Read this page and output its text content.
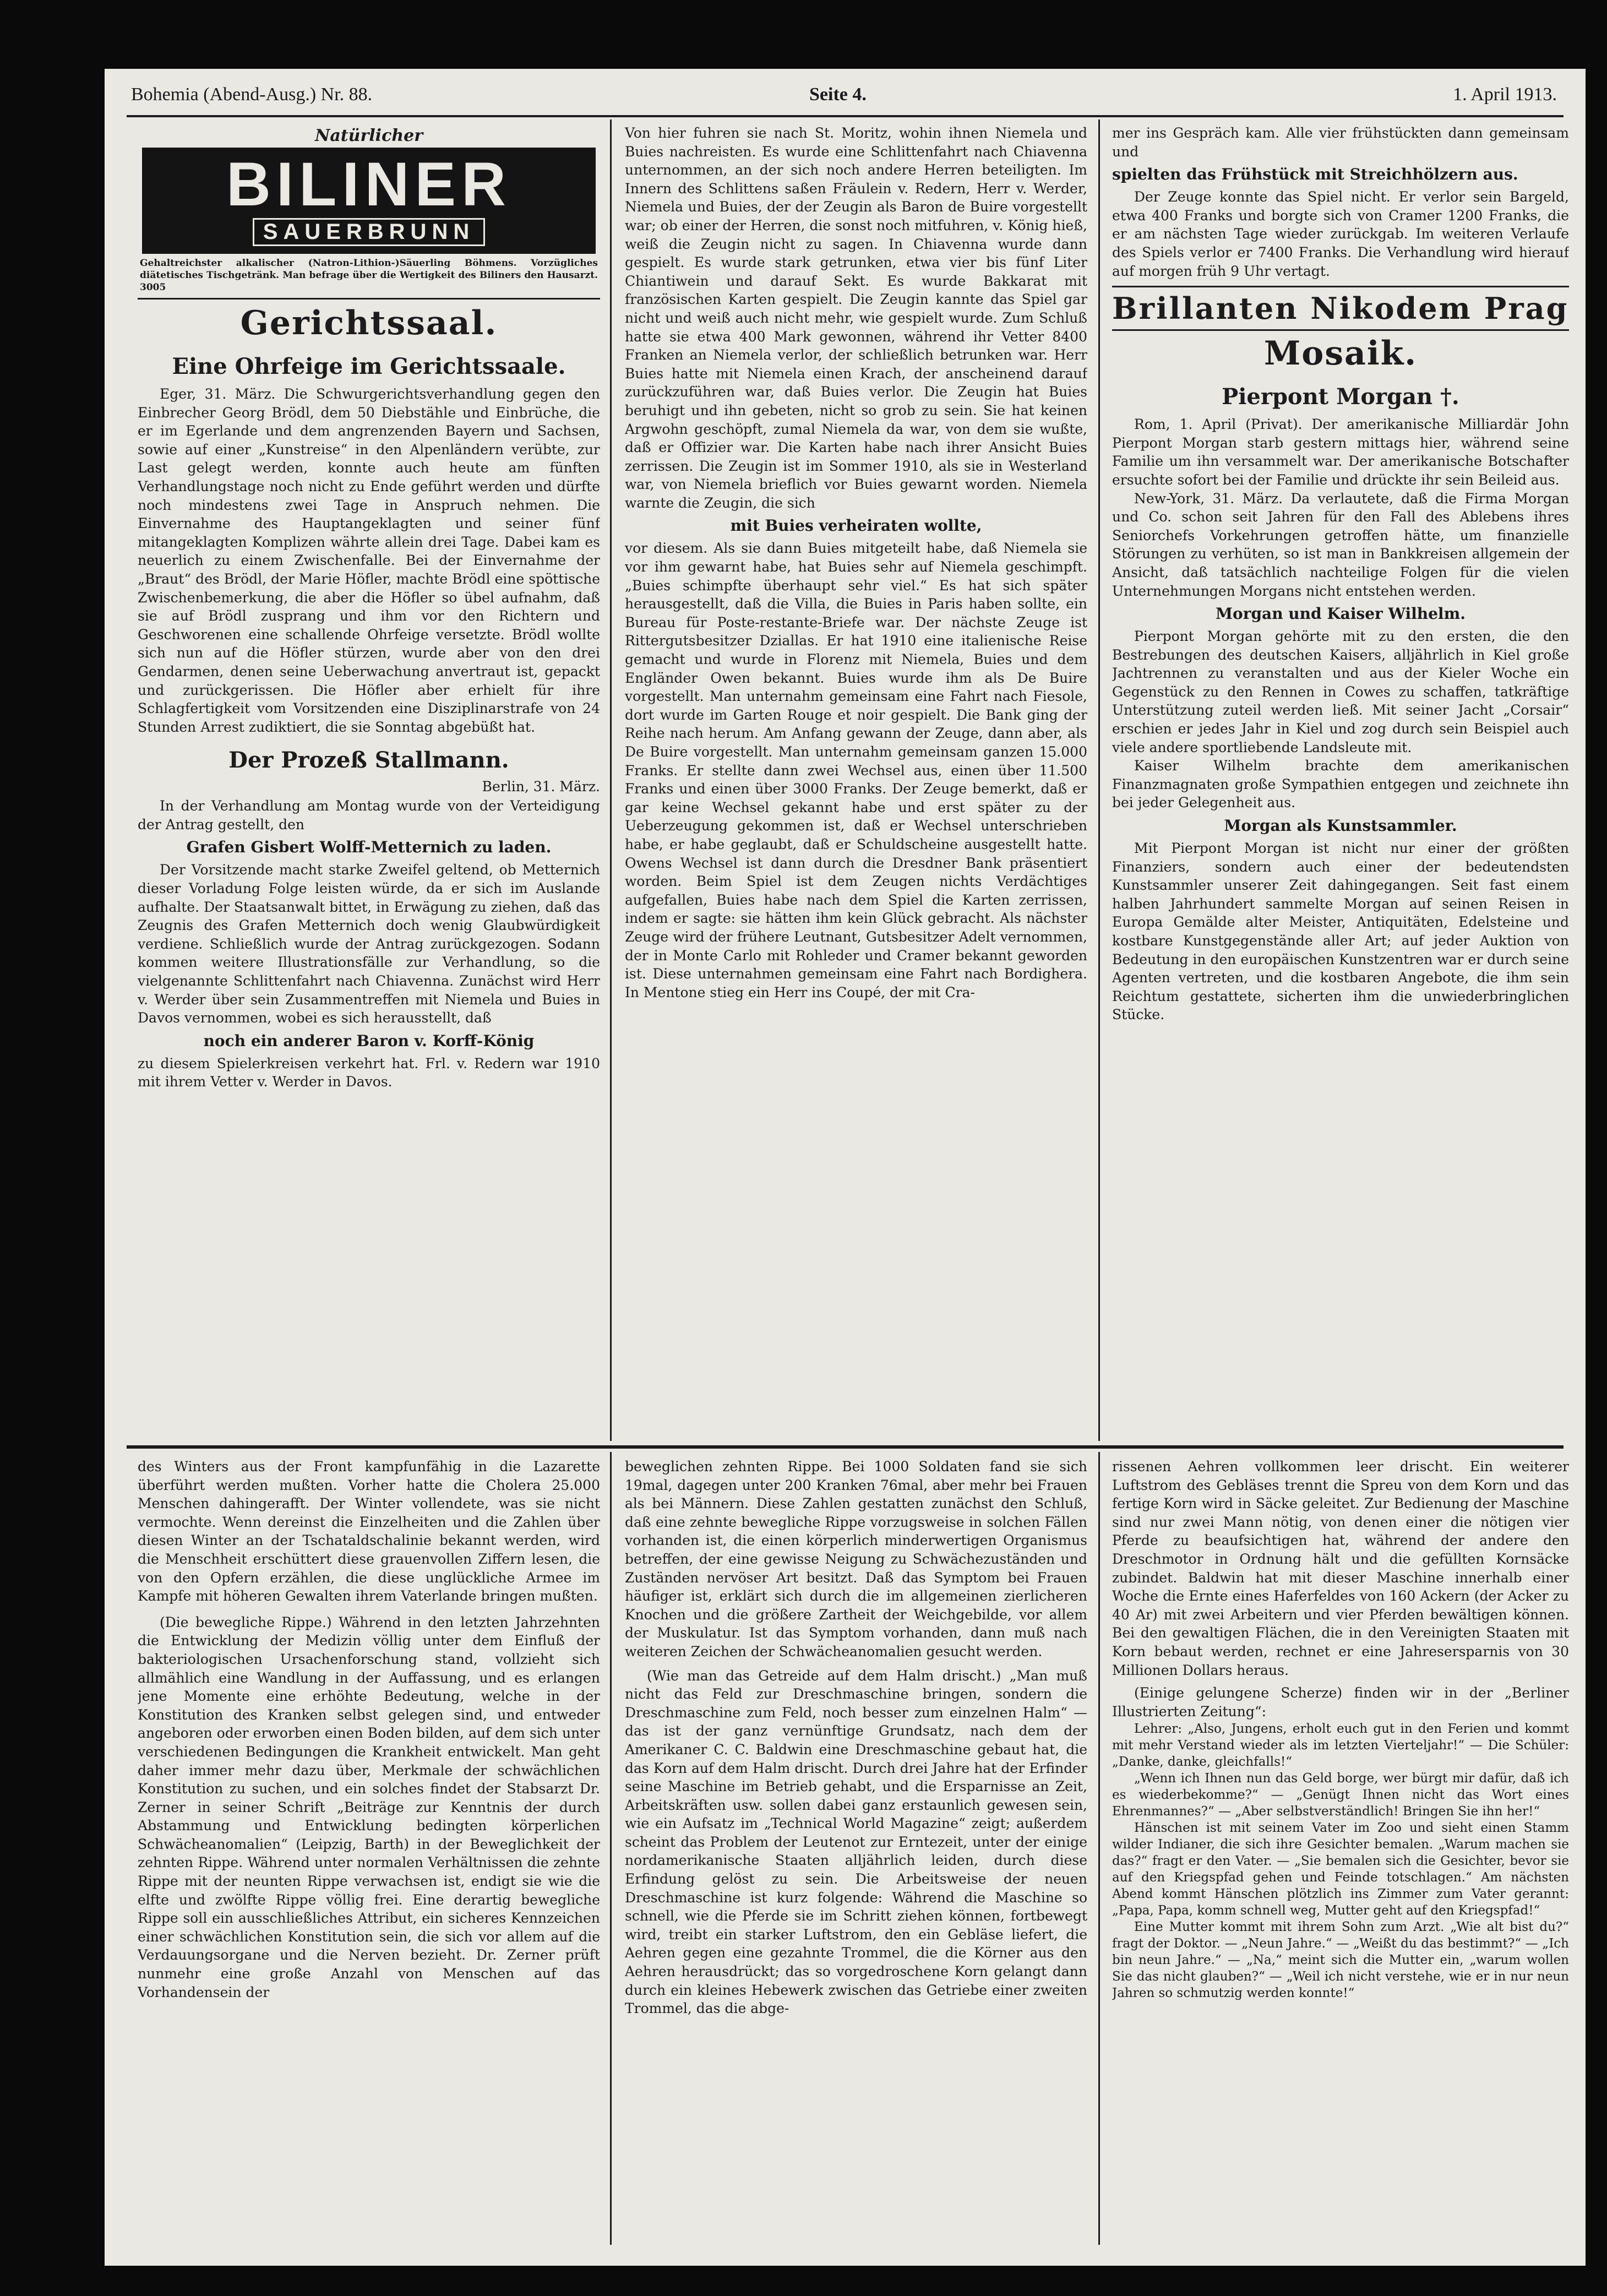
Bohemia (Abend-Ausg.) Nr. 88.	Seite 4.	1. April 1913.
Natürlicher
BILINER
SAUERBRUNN
Gehaltreichster alkalischer (Natron-Lithion-)Säuerling Böhmens. Vorzügliches diätetisches Tischgetränk. Man befrage über die Wertigkeit des Biliners den Hausarzt. 3005
Gerichtssaal.
Eine Ohrfeige im Gerichtssaale.

Eger, 31. März. Die Schwurgerichtsverhandlung gegen den Einbrecher Georg Brödl, dem 50 Diebstähle und Einbrüche, die er im Egerlande und dem angrenzenden Bayern und Sachsen, sowie auf einer „Kunstreise“ in den Alpenländern verübte, zur Last gelegt werden, konnte auch heute am fünften Verhandlungstage noch nicht zu Ende geführt werden und dürfte noch mindestens zwei Tage in Anspruch nehmen. Die Einvernahme des Hauptangeklagten und seiner fünf mitangeklagten Komplizen währte allein drei Tage. Dabei kam es neuerlich zu einem Zwischenfalle. Bei der Einvernahme der „Braut“ des Brödl, der Marie Höfler, machte Brödl eine spöttische Zwischenbemerkung, die aber die Höfler so übel aufnahm, daß sie auf Brödl zusprang und ihm vor den Richtern und Geschworenen eine schallende Ohrfeige versetzte. Brödl wollte sich nun auf die Höfler stürzen, wurde aber von den drei Gendarmen, denen seine Ueberwachung anvertraut ist, gepackt und zurückgerissen. Die Höfler aber erhielt für ihre Schlagfertigkeit vom Vorsitzenden eine Disziplinarstrafe von 24 Stunden Arrest zudiktiert, die sie Sonntag abgebüßt hat.

Der Prozeß Stallmann.
Berlin, 31. März.

In der Verhandlung am Montag wurde von der Verteidigung der Antrag gestellt, den

Grafen Gisbert Wolff-Metternich zu laden.

Der Vorsitzende macht starke Zweifel geltend, ob Metternich dieser Vorladung Folge leisten würde, da er sich im Auslande aufhalte. Der Staatsanwalt bittet, in Erwägung zu ziehen, daß das Zeugnis des Grafen Metternich doch wenig Glaubwürdigkeit verdiene. Schließlich wurde der Antrag zurückgezogen. Sodann kommen weitere Illustrationsfälle zur Verhandlung, so die vielgenannte Schlittenfahrt nach Chiavenna. Zunächst wird Herr v. Werder über sein Zusammentreffen mit Niemela und Buies in Davos vernommen, wobei es sich herausstellt, daß

noch ein anderer Baron v. Korff-König

zu diesem Spielerkreisen verkehrt hat. Frl. v. Redern war 1910 mit ihrem Vetter v. Werder in Davos.

Von hier fuhren sie nach St. Moritz, wohin ihnen Niemela und Buies nachreisten. Es wurde eine Schlittenfahrt nach Chiavenna unternommen, an der sich noch andere Herren beteiligten. Im Innern des Schlittens saßen Fräulein v. Redern, Herr v. Werder, Niemela und Buies, der der Zeugin als Baron de Buire vorgestellt war; ob einer der Herren, die sonst noch mitfuhren, v. König hieß, weiß die Zeugin nicht zu sagen. In Chiavenna wurde dann gespielt. Es wurde stark getrunken, etwa vier bis fünf Liter Chiantiwein und darauf Sekt. Es wurde Bakkarat mit französischen Karten gespielt. Die Zeugin kannte das Spiel gar nicht und weiß auch nicht mehr, wie gespielt wurde. Zum Schluß hatte sie etwa 400 Mark gewonnen, während ihr Vetter 8400 Franken an Niemela verlor, der schließlich betrunken war. Herr Buies hatte mit Niemela einen Krach, der anscheinend darauf zurückzuführen war, daß Buies verlor. Die Zeugin hat Buies beruhigt und ihn gebeten, nicht so grob zu sein. Sie hat keinen Argwohn geschöpft, zumal Niemela da war, von dem sie wußte, daß er Offizier war. Die Karten habe nach ihrer Ansicht Buies zerrissen. Die Zeugin ist im Sommer 1910, als sie in Westerland war, von Niemela brieflich vor Buies gewarnt worden. Niemela warnte die Zeugin, die sich

mit Buies verheiraten wollte,

vor diesem. Als sie dann Buies mitgeteilt habe, daß Niemela sie vor ihm gewarnt habe, hat Buies sehr auf Niemela geschimpft. „Buies schimpfte überhaupt sehr viel.“ Es hat sich später herausgestellt, daß die Villa, die Buies in Paris haben sollte, ein Bureau für Poste-restante-Briefe war. Der nächste Zeuge ist Rittergutsbesitzer Dziallas. Er hat 1910 eine italienische Reise gemacht und wurde in Florenz mit Niemela, Buies und dem Engländer Owen bekannt. Buies wurde ihm als De Buire vorgestellt. Man unternahm gemeinsam eine Fahrt nach Fiesole, dort wurde im Garten Rouge et noir gespielt. Die Bank ging der Reihe nach herum. Am Anfang gewann der Zeuge, dann aber, als De Buire vorgestellt. Man unternahm gemeinsam ganzen 15.000 Franks. Er stellte dann zwei Wechsel aus, einen über 11.500 Franks und einen über 3000 Franks. Der Zeuge bemerkt, daß er gar keine Wechsel gekannt habe und erst später zu der Ueberzeugung gekommen ist, daß er Wechsel unterschrieben habe, er habe geglaubt, daß er Schuldscheine ausgestellt hatte. Owens Wechsel ist dann durch die Dresdner Bank präsentiert worden. Beim Spiel ist dem Zeugen nichts Verdächtiges aufgefallen, Buies habe nach dem Spiel die Karten zerrissen, indem er sagte: sie hätten ihm kein Glück gebracht. Als nächster Zeuge wird der frühere Leutnant, Gutsbesitzer Adelt vernommen, der in Monte Carlo mit Rohleder und Cramer bekannt geworden ist. Diese unternahmen gemeinsam eine Fahrt nach Bordighera. In Mentone stieg ein Herr ins Coupé, der mit Cra-

mer ins Gespräch kam. Alle vier frühstückten dann gemeinsam und

spielten das Frühstück mit Streichhölzern aus.

Der Zeuge konnte das Spiel nicht. Er verlor sein Bargeld, etwa 400 Franks und borgte sich von Cramer 1200 Franks, die er am nächsten Tage wieder zurückgab. Im weiteren Verlaufe des Spiels verlor er 7400 Franks. Die Verhandlung wird hierauf auf morgen früh 9 Uhr vertagt.

Brillanten Nikodem Prag
Mosaik.
Pierpont Morgan †.

Rom, 1. April (Privat). Der amerikanische Milliardär John Pierpont Morgan starb gestern mittags hier, während seine Familie um ihn versammelt war. Der amerikanische Botschafter ersuchte sofort bei der Familie und drückte ihr sein Beileid aus.

New-York, 31. März. Da verlautete, daß die Firma Morgan und Co. schon seit Jahren für den Fall des Ablebens ihres Seniorchefs Vorkehrungen getroffen hätte, um finanzielle Störungen zu verhüten, so ist man in Bankkreisen allgemein der Ansicht, daß tatsächlich nachteilige Folgen für die vielen Unternehmungen Morgans nicht entstehen werden.

Morgan und Kaiser Wilhelm.

Pierpont Morgan gehörte mit zu den ersten, die den Bestrebungen des deutschen Kaisers, alljährlich in Kiel große Jachtrennen zu veranstalten und aus der Kieler Woche ein Gegenstück zu den Rennen in Cowes zu schaffen, tatkräftige Unterstützung zuteil werden ließ. Mit seiner Jacht „Corsair“ erschien er jedes Jahr in Kiel und zog durch sein Beispiel auch viele andere sportliebende Landsleute mit.

Kaiser Wilhelm brachte dem amerikanischen Finanzmagnaten große Sympathien entgegen und zeichnete ihn bei jeder Gelegenheit aus.

Morgan als Kunstsammler.

Mit Pierpont Morgan ist nicht nur einer der größten Finanziers, sondern auch einer der bedeutendsten Kunstsammler unserer Zeit dahingegangen. Seit fast einem halben Jahrhundert sammelte Morgan auf seinen Reisen in Europa Gemälde alter Meister, Antiquitäten, Edelsteine und kostbare Kunstgegenstände aller Art; auf jeder Auktion von Bedeutung in den europäischen Kunstzentren war er durch seine Agenten vertreten, und die kostbaren Angebote, die ihm sein Reichtum gestattete, sicherten ihm die unwiederbringlichen Stücke.

des Winters aus der Front kampfunfähig in die Lazarette überführt werden mußten. Vorher hatte die Cholera 25.000 Menschen dahingerafft. Der Winter vollendete, was sie nicht vermochte. Wenn dereinst die Einzelheiten und die Zahlen über diesen Winter an der Tschataldschalinie bekannt werden, wird die Menschheit erschüttert diese grauenvollen Ziffern lesen, die von den Opfern erzählen, die diese unglückliche Armee im Kampfe mit höheren Gewalten ihrem Vaterlande bringen mußten.

(Die bewegliche Rippe.) Während in den letzten Jahrzehnten die Entwicklung der Medizin völlig unter dem Einfluß der bakteriologischen Ursachenforschung stand, vollzieht sich allmählich eine Wandlung in der Auffassung, und es erlangen jene Momente eine erhöhte Bedeutung, welche in der Konstitution des Kranken selbst gelegen sind, und entweder angeboren oder erworben einen Boden bilden, auf dem sich unter verschiedenen Bedingungen die Krankheit entwickelt. Man geht daher immer mehr dazu über, Merkmale der schwächlichen Konstitution zu suchen, und ein solches findet der Stabsarzt Dr. Zerner in seiner Schrift „Beiträge zur Kenntnis der durch Abstammung und Entwicklung bedingten körperlichen Schwächeanomalien“ (Leipzig, Barth) in der Beweglichkeit der zehnten Rippe. Während unter normalen Verhältnissen die zehnte Rippe mit der neunten Rippe verwachsen ist, endigt sie wie die elfte und zwölfte Rippe völlig frei. Eine derartig bewegliche Rippe soll ein ausschließliches Attribut, ein sicheres Kennzeichen einer schwächlichen Konstitution sein, die sich vor allem auf die Verdauungsorgane und die Nerven bezieht. Dr. Zerner prüft nunmehr eine große Anzahl von Menschen auf das Vorhandensein der

beweglichen zehnten Rippe. Bei 1000 Soldaten fand sie sich 19mal, dagegen unter 200 Kranken 76mal, aber mehr bei Frauen als bei Männern. Diese Zahlen gestatten zunächst den Schluß, daß eine zehnte bewegliche Rippe vorzugsweise in solchen Fällen vorhanden ist, die einen körperlich minderwertigen Organismus betreffen, der eine gewisse Neigung zu Schwächezuständen und Zuständen nervöser Art besitzt. Daß das Symptom bei Frauen häufiger ist, erklärt sich durch die im allgemeinen zierlicheren Knochen und die größere Zartheit der Weichgebilde, vor allem der Muskulatur. Ist das Symptom vorhanden, dann muß nach weiteren Zeichen der Schwächeanomalien gesucht werden.

(Wie man das Getreide auf dem Halm drischt.) „Man muß nicht das Feld zur Dreschmaschine bringen, sondern die Dreschmaschine zum Feld, noch besser zum einzelnen Halm“ — das ist der ganz vernünftige Grundsatz, nach dem der Amerikaner C. C. Baldwin eine Dreschmaschine gebaut hat, die das Korn auf dem Halm drischt. Durch drei Jahre hat der Erfinder seine Maschine im Betrieb gehabt, und die Ersparnisse an Zeit, Arbeitskräften usw. sollen dabei ganz erstaunlich gewesen sein, wie ein Aufsatz im „Technical World Magazine“ zeigt; außerdem scheint das Problem der Leutenot zur Erntezeit, unter der einige nordamerikanische Staaten alljährlich leiden, durch diese Erfindung gelöst zu sein. Die Arbeitsweise der neuen Dreschmaschine ist kurz folgende: Während die Maschine so schnell, wie die Pferde sie im Schritt ziehen können, fortbewegt wird, treibt ein starker Luftstrom, den ein Gebläse liefert, die Aehren gegen eine gezahnte Trommel, die die Körner aus den Aehren herausdrückt; das so vorgedroschene Korn gelangt dann durch ein kleines Hebewerk zwischen das Getriebe einer zweiten Trommel, das die abge-

rissenen Aehren vollkommen leer drischt. Ein weiterer Luftstrom des Gebläses trennt die Spreu von dem Korn und das fertige Korn wird in Säcke geleitet. Zur Bedienung der Maschine sind nur zwei Mann nötig, von denen einer die nötigen vier Pferde zu beaufsichtigen hat, während der andere den Dreschmotor in Ordnung hält und die gefüllten Kornsäcke zubindet. Baldwin hat mit dieser Maschine innerhalb einer Woche die Ernte eines Haferfeldes von 160 Ackern (der Acker zu 40 Ar) mit zwei Arbeitern und vier Pferden bewältigen können. Bei den gewaltigen Flächen, die in den Vereinigten Staaten mit Korn bebaut werden, rechnet er eine Jahresersparnis von 30 Millionen Dollars heraus.

(Einige gelungene Scherze) finden wir in der „Berliner Illustrierten Zeitung“:

Lehrer: „Also, Jungens, erholt euch gut in den Ferien und kommt mit mehr Verstand wieder als im letzten Vierteljahr!“ — Die Schüler: „Danke, danke, gleichfalls!“

„Wenn ich Ihnen nun das Geld borge, wer bürgt mir dafür, daß ich es wiederbekomme?“ — „Genügt Ihnen nicht das Wort eines Ehrenmannes?“ — „Aber selbstverständlich! Bringen Sie ihn her!“

Hänschen ist mit seinem Vater im Zoo und sieht einen Stamm wilder Indianer, die sich ihre Gesichter bemalen. „Warum machen sie das?“ fragt er den Vater. — „Sie bemalen sich die Gesichter, bevor sie auf den Kriegspfad gehen und Feinde totschlagen.“ Am nächsten Abend kommt Hänschen plötzlich ins Zimmer zum Vater gerannt: „Papa, Papa, komm schnell weg, Mutter geht auf den Kriegspfad!“

Eine Mutter kommt mit ihrem Sohn zum Arzt. „Wie alt bist du?“ fragt der Doktor. — „Neun Jahre.“ — „Weißt du das bestimmt?“ — „Ich bin neun Jahre.“ — „Na,“ meint sich die Mutter ein, „warum wollen Sie das nicht glauben?“ — „Weil ich nicht verstehe, wie er in nur neun Jahren so schmutzig werden konnte!“
